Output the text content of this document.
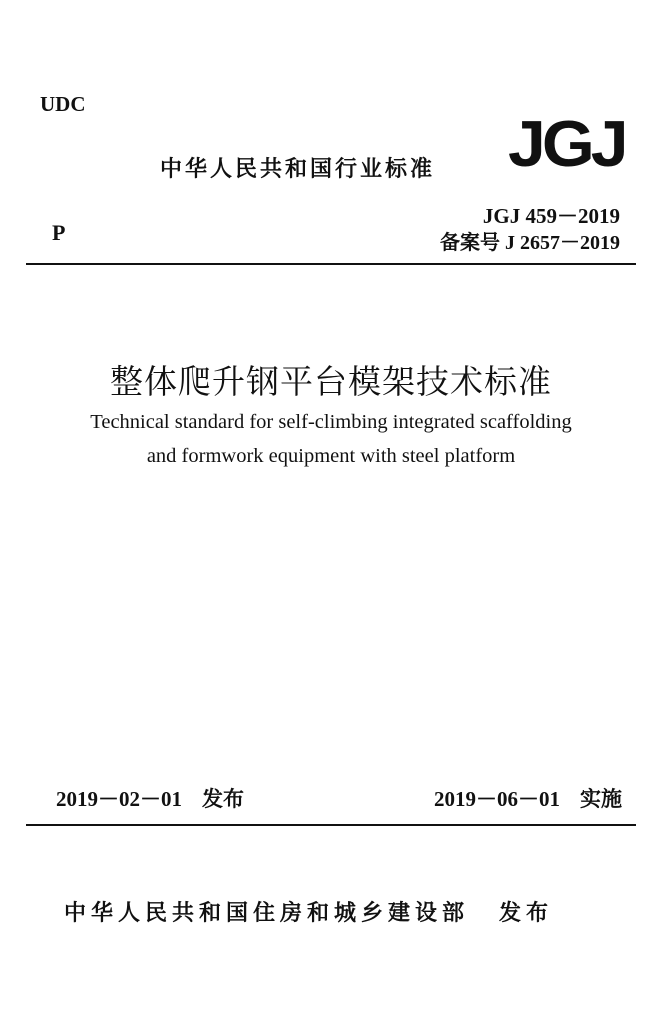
UDC
中华人民共和国行业标准 JGJ
P
JGJ 459－2019
备案号 J 2657－2019
整体爬升钢平台模架技术标准
Technical standard for self-climbing integrated scaffolding
and formwork equipment with steel platform
2019－02－01 发布	2019－06－01 实施
中华人民共和国住房和城乡建设部 发布
